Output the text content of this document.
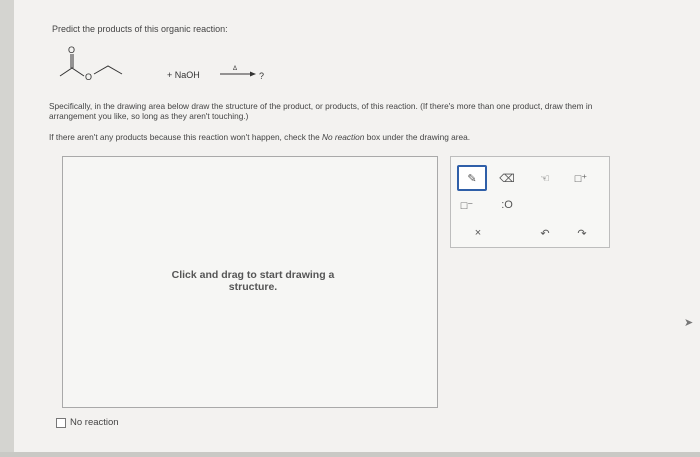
Predict the products of this organic reaction:
O
O	+ NaOH
Δ
?
Specifically, in the drawing area below draw the structure of the product, or products, of this reaction. (If there's more than one product, draw them in
arrangement you like, so long as they aren't touching.)
If there aren't any products because this reaction won't happen, check the No reaction box under the drawing area.
Click and drag to start drawing a
structure.
✎ ⌫ ☜ □⁺
□⁻	:O
×	↶	↷
No reaction
➤
